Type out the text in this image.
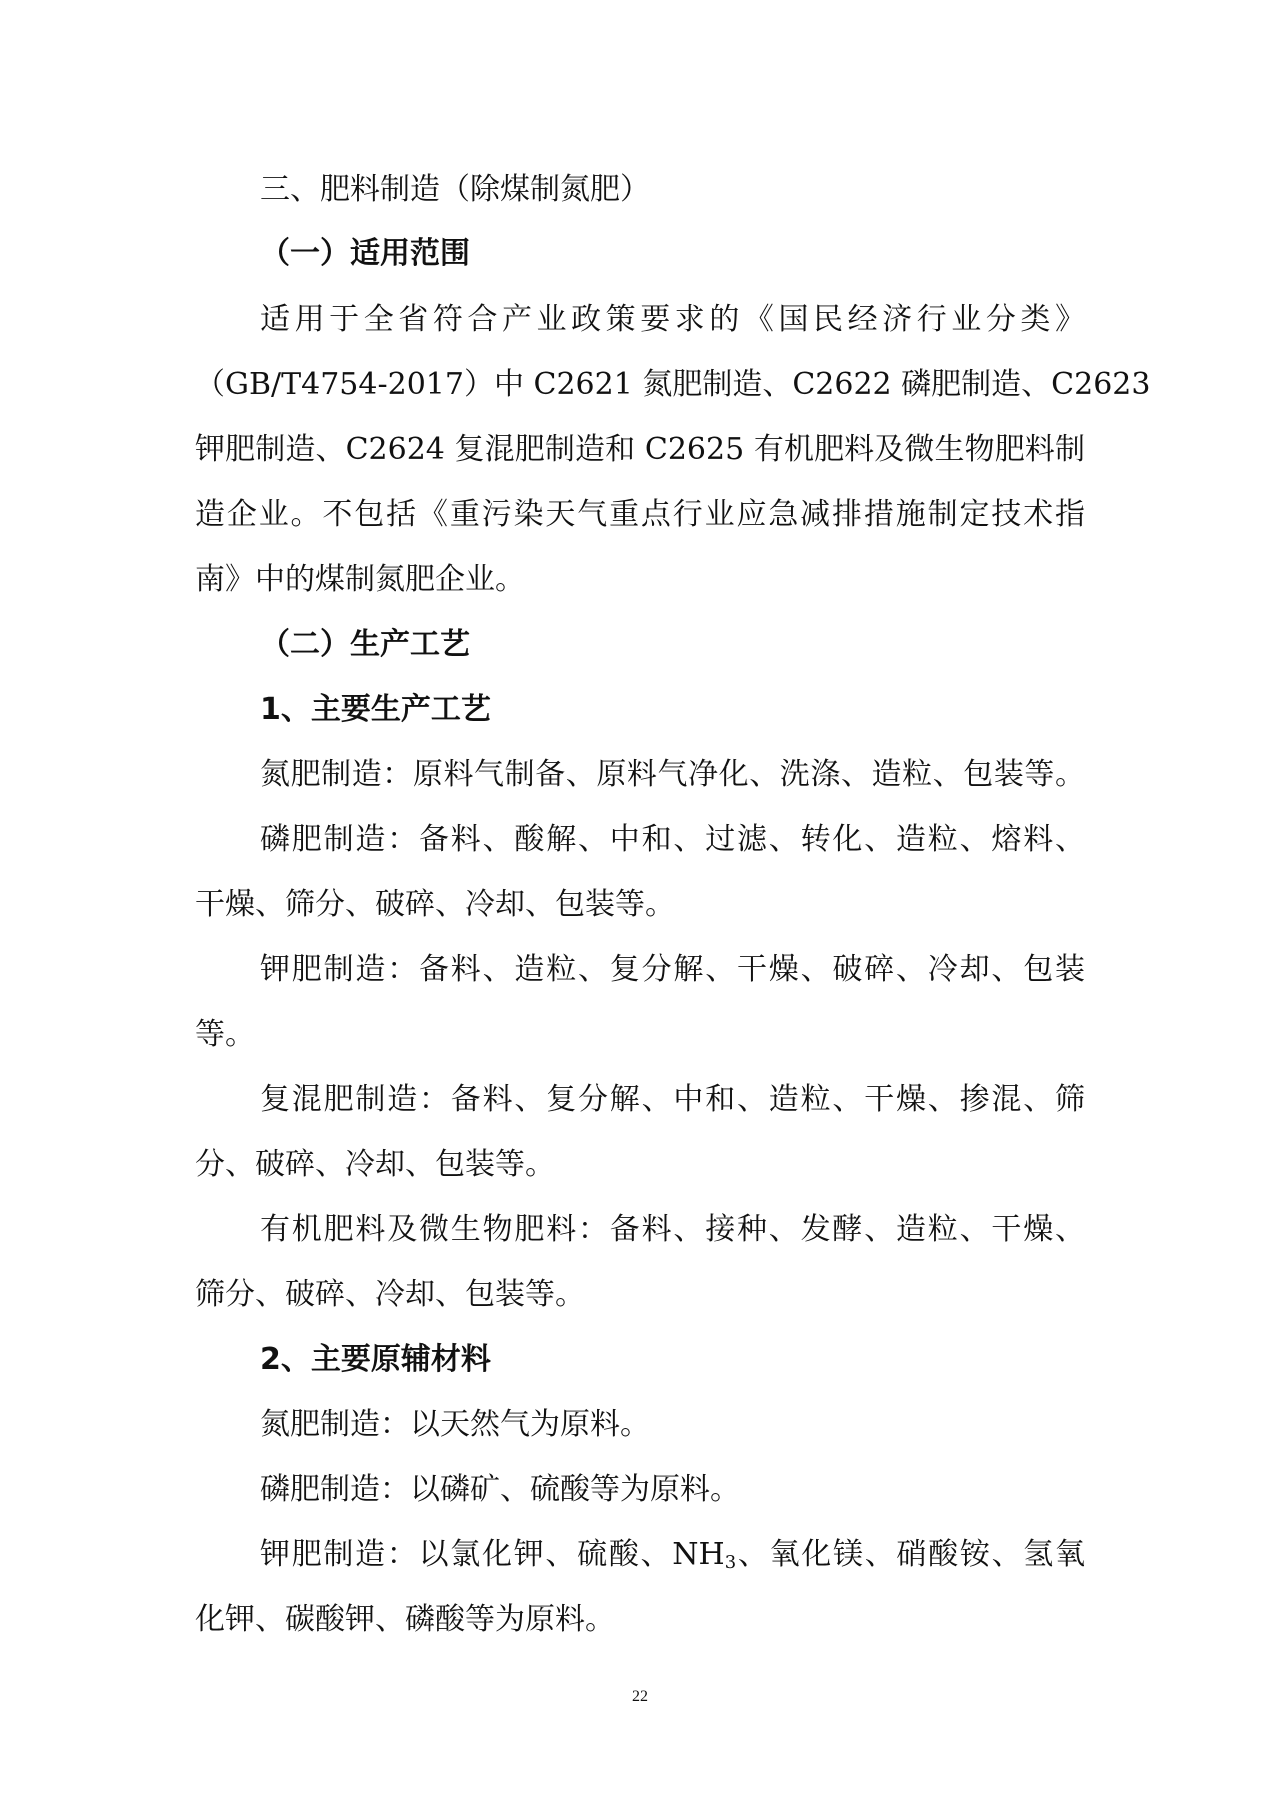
三、肥料制造（除煤制氮肥）
（一）适用范围
适用于全省符合产业政策要求的《国民经济行业分类》
（GB/T4754-2017）中 C2621 氮肥制造、C2622 磷肥制造、C2623
钾肥制造、C2624 复混肥制造和 C2625 有机肥料及微生物肥料制
造企业。不包括《重污染天气重点行业应急减排措施制定技术指
南》中的煤制氮肥企业。
（二）生产工艺
1、主要生产工艺
氮肥制造：原料气制备、原料气净化、洗涤、造粒、包装等。
磷肥制造：备料、酸解、中和、过滤、转化、造粒、熔料、
干燥、筛分、破碎、冷却、包装等。
钾肥制造：备料、造粒、复分解、干燥、破碎、冷却、包装
等。
复混肥制造：备料、复分解、中和、造粒、干燥、掺混、筛
分、破碎、冷却、包装等。
有机肥料及微生物肥料：备料、接种、发酵、造粒、干燥、
筛分、破碎、冷却、包装等。
2、主要原辅材料
氮肥制造：以天然气为原料。
磷肥制造：以磷矿、硫酸等为原料。
钾肥制造：以氯化钾、硫酸、$NH_3$、氧化镁、硝酸铵、氢氧
化钾、碳酸钾、磷酸等为原料。
22
